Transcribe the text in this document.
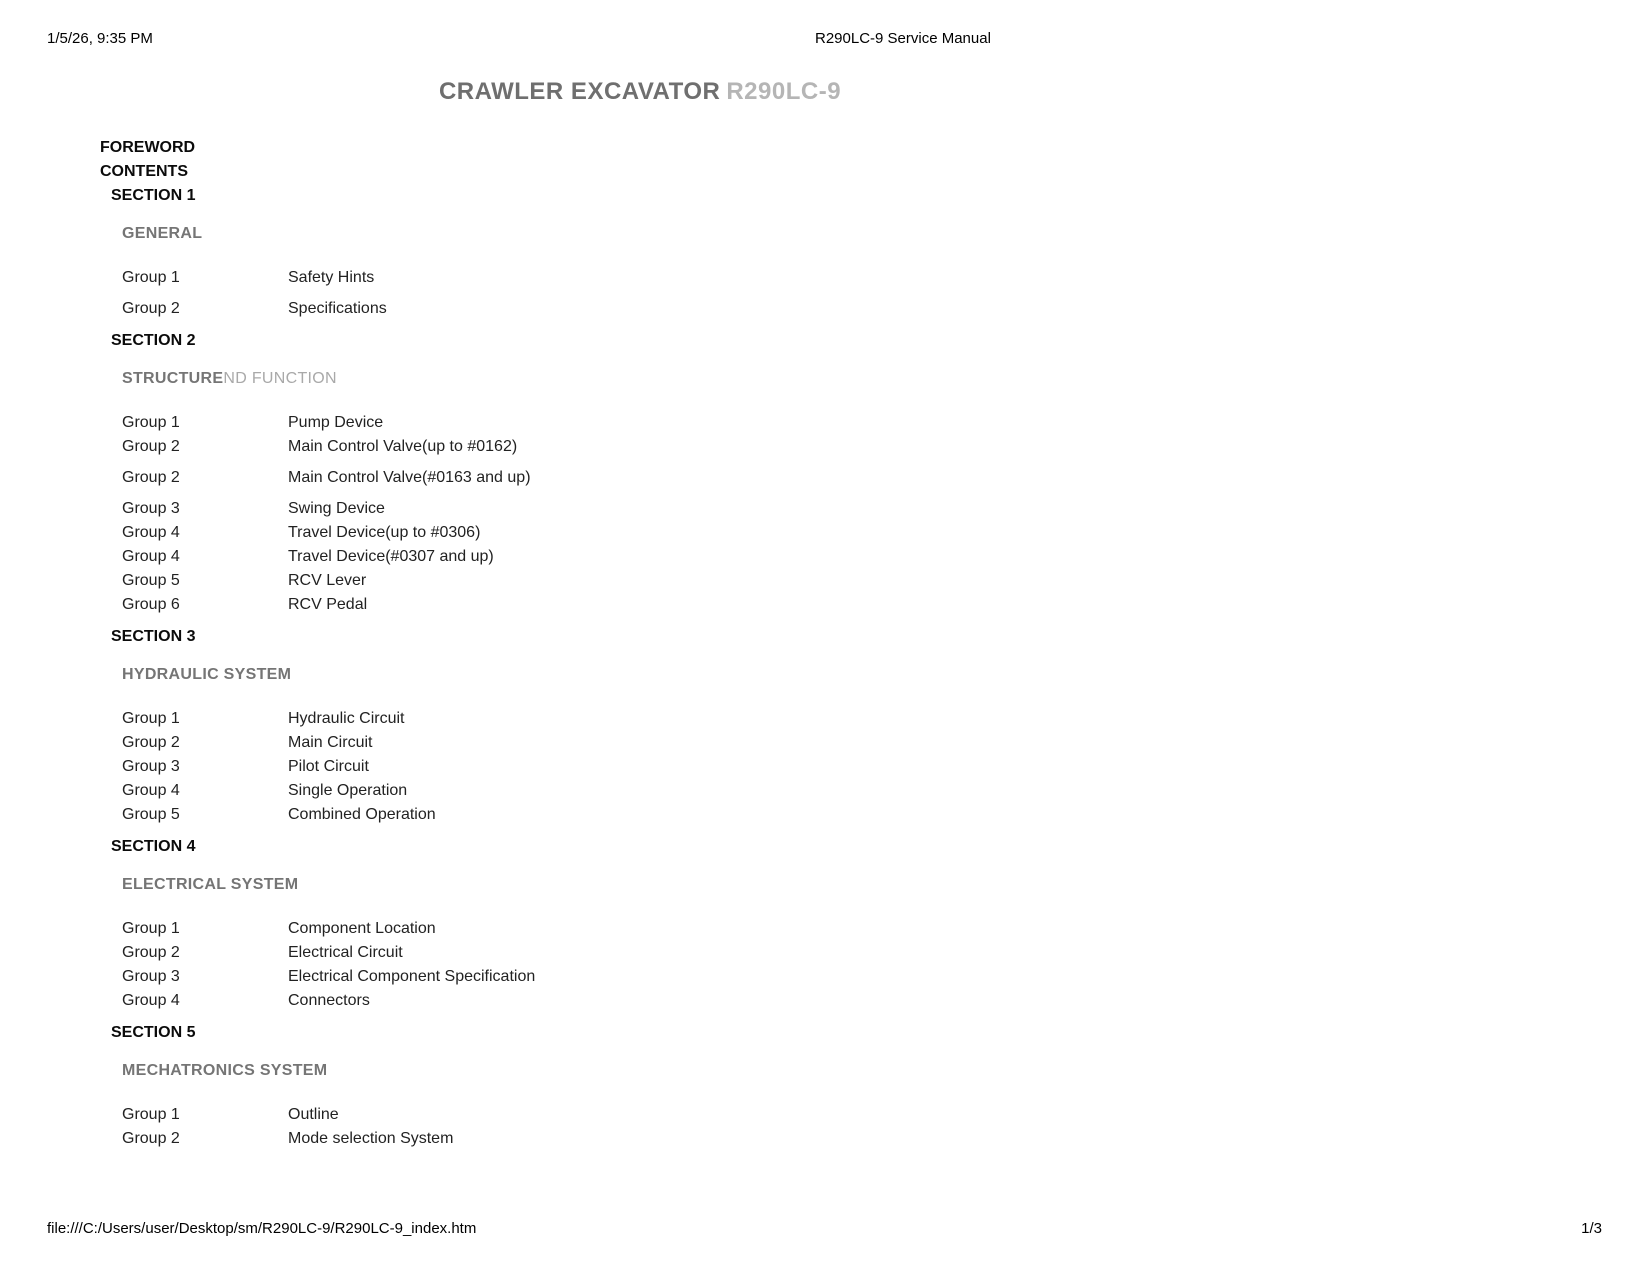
1/5/26, 9:35 PM	R290LC-9 Service Manual
CRAWLER EXCAVATOR R290LC-9
FOREWORD
CONTENTS
SECTION 1
GENERAL
Group 1	Safety Hints
Group 2	Specifications
SECTION 2
STRUCTUREND FUNCTION
Group 1	Pump Device
Group 2	Main Control Valve(up to #0162)
Group 2	Main Control Valve(#0163 and up)
Group 3	Swing Device
Group 4	Travel Device(up to #0306)
Group 4	Travel Device(#0307 and up)
Group 5	RCV Lever
Group 6	RCV Pedal
SECTION 3
HYDRAULIC SYSTEM
Group 1	Hydraulic Circuit
Group 2	Main Circuit
Group 3	Pilot Circuit
Group 4	Single Operation
Group 5	Combined Operation
SECTION 4
ELECTRICAL SYSTEM
Group 1	Component Location
Group 2	Electrical Circuit
Group 3	Electrical Component Specification
Group 4	Connectors
SECTION 5
MECHATRONICS SYSTEM
Group 1	Outline
Group 2	Mode selection System
file:///C:/Users/user/Desktop/sm/R290LC-9/R290LC-9_index.htm	1/3
